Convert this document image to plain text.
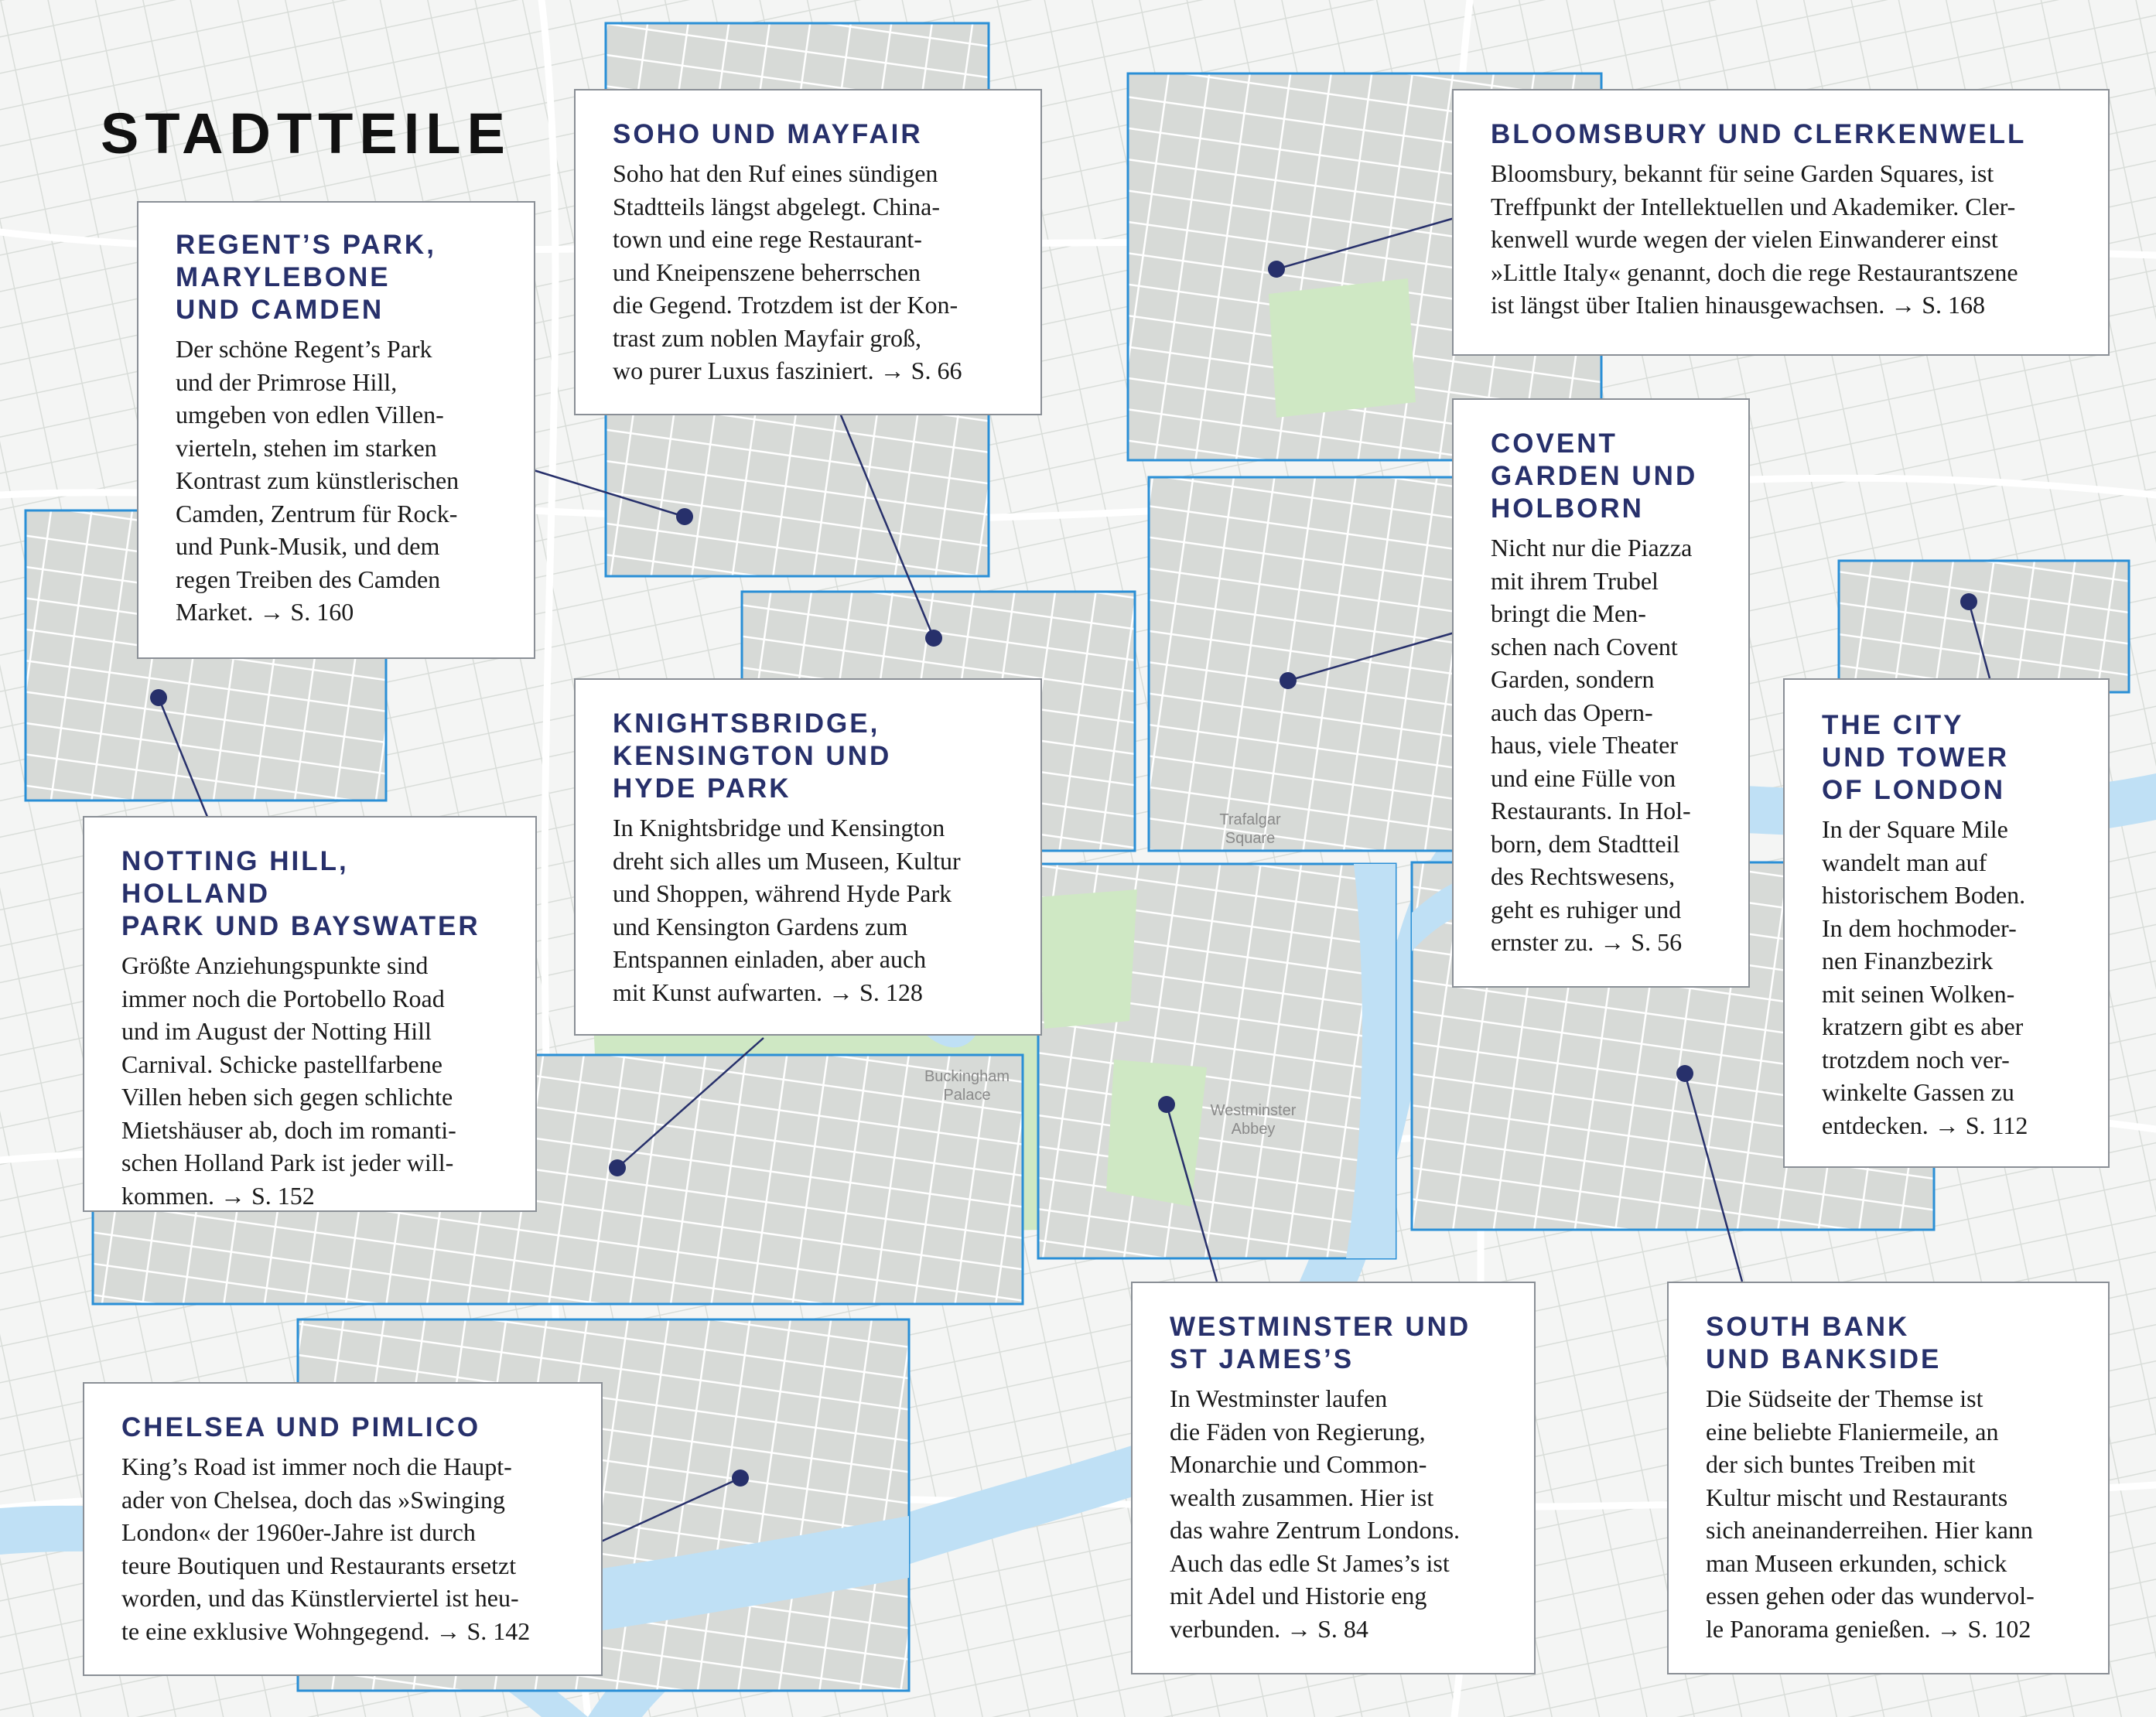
Trafalgar
Square
Buckingham
Palace
Westminster
Abbey
STADTTEILE
REGENT’S PARK,
MARYLEBONE
UND CAMDEN

Der schöne Regent’s Park
und der Primrose Hill,
umgeben von edlen Villen-
vierteln, stehen im starken
Kontrast zum künstlerischen
Camden, Zentrum für Rock-
und Punk-Musik, und dem
regen Treiben des Camden
Market. → S. 160

SOHO UND MAYFAIR

Soho hat den Ruf eines sündigen
Stadtteils längst abgelegt. China-
town und eine rege Restaurant-
und Kneipenszene beherrschen
die Gegend. Trotzdem ist der Kon-
trast zum noblen Mayfair groß,
wo purer Luxus fasziniert. → S. 66

BLOOMSBURY UND CLERKENWELL

Bloomsbury, bekannt für seine Garden Squares, ist
Treffpunkt der Intellektuellen und Akademiker. Cler-
kenwell wurde wegen der vielen Einwanderer einst
»Little Italy« genannt, doch die rege Restaurantszene
ist längst über Italien hinausgewachsen. → S. 168

COVENT
GARDEN UND
HOLBORN

Nicht nur die Piazza
mit ihrem Trubel
bringt die Men-
schen nach Covent
Garden, sondern
auch das Opern-
haus, viele Theater
und eine Fülle von
Restaurants. In Hol-
born, dem Stadtteil
des Rechtswesens,
geht es ruhiger und
ernster zu. → S. 56

KNIGHTSBRIDGE,
KENSINGTON UND
HYDE PARK

In Knightsbridge und Kensington
dreht sich alles um Museen, Kultur
und Shoppen, während Hyde Park
und Kensington Gardens zum
Entspannen einladen, aber auch
mit Kunst aufwarten. → S. 128

THE CITY
UND TOWER
OF LONDON

In der Square Mile
wandelt man auf
historischem Boden.
In dem hochmoder-
nen Finanzbezirk
mit seinen Wolken-
kratzern gibt es aber
trotzdem noch ver-
winkelte Gassen zu
entdecken. → S. 112

NOTTING HILL, HOLLAND
PARK UND BAYSWATER

Größte Anziehungspunkte sind
immer noch die Portobello Road
und im August der Notting Hill
Carnival. Schicke pastellfarbene
Villen heben sich gegen schlichte
Mietshäuser ab, doch im romanti-
schen Holland Park ist jeder will-
kommen. → S. 152

WESTMINSTER UND
ST JAMES’S

In Westminster laufen
die Fäden von Regierung,
Monarchie und Common-
wealth zusammen. Hier ist
das wahre Zentrum Londons.
Auch das edle St James’s ist
mit Adel und Historie eng
verbunden. → S. 84

SOUTH BANK
UND BANKSIDE

Die Südseite der Themse ist
eine beliebte Flaniermeile, an
der sich buntes Treiben mit
Kultur mischt und Restaurants
sich aneinanderreihen. Hier kann
man Museen erkunden, schick
essen gehen oder das wundervol-
le Panorama genießen. → S. 102

CHELSEA UND PIMLICO

King’s Road ist immer noch die Haupt-
ader von Chelsea, doch das »Swinging
London« der 1960er-Jahre ist durch
teure Boutiquen und Restaurants ersetzt
worden, und das Künstlerviertel ist heu-
te eine exklusive Wohngegend. → S. 142
